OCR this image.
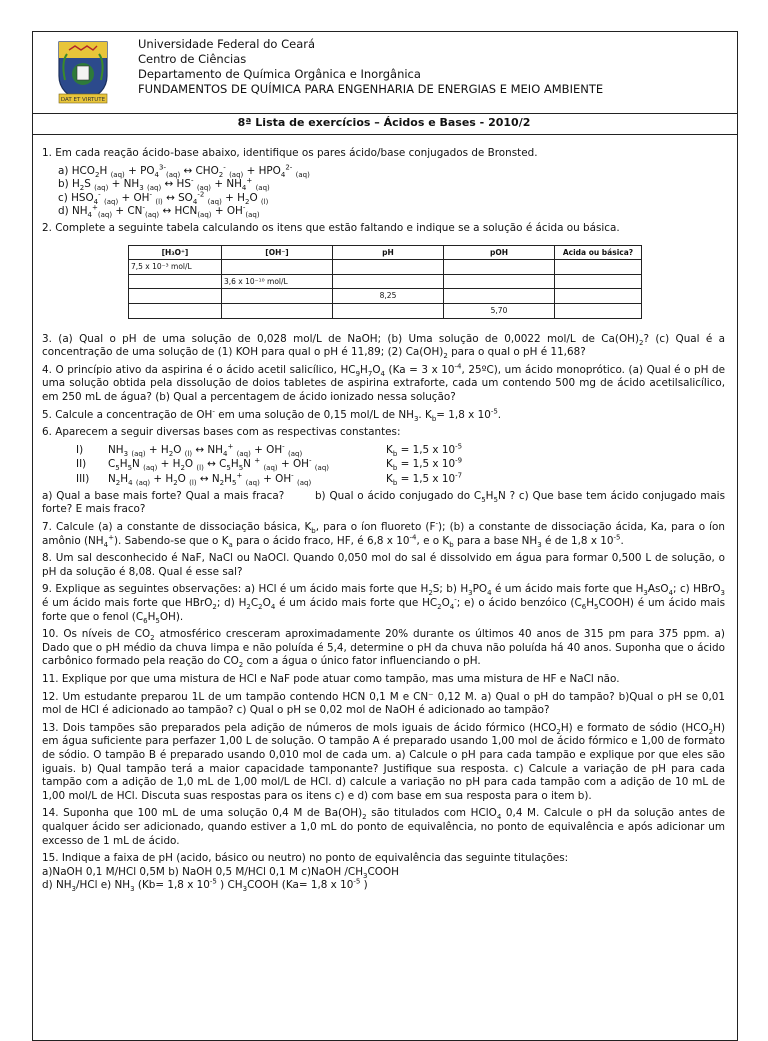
DAT ET VIRTUTE
Universidade Federal do Ceará
Centro de Ciências
Departamento de Química Orgânica e Inorgânica
FUNDAMENTOS DE QUÍMICA PARA ENGENHARIA DE ENERGIAS E MEIO AMBIENTE
8ª Lista de exercícios – Ácidos e Bases - 2010/2

1. Em cada reação ácido-base abaixo, identifique os pares ácido/base conjugados de Bronsted.

a) $HCO_2H$ $_{(aq)} + PO_4^{3-}_{(aq)}$ ↔ $CHO_2^-$ $_{(aq)} + HPO_4^{2-}$ $_{(aq)}$

b) $H_2S$ $_{(aq)} + NH_3$ $_{(aq)}$ ↔ HS- $_{(aq)} + NH_4^+$ $_{(aq)}$

c) $HSO_4^-$ $_{(aq)}$ + OH- $_{(l)}$ ↔ $SO_4^{-2}$ $_{(aq)} + H_2O$ $_{(l)}$

d) $NH_4^+_{(aq)} + CN^-_{(aq)}$ ↔ $HCN_{(aq)} + OH^-_{(aq)}$

2. Complete a seguinte tabela calculando os itens que estão faltando e indique se a solução é ácida ou básica.

[H₃O⁺]	[OH⁻]	pH	pOH	Acida ou básica?
7,5 x 10⁻³ mol/L				
	3,6 x 10⁻¹⁰ mol/L			
		8,25		
			5,70	

3. (a) Qual o pH de uma solução de 0,028 mol/L de NaOH; (b) Uma solução de 0,0022 mol/L de $Ca(OH)_2$? (c) Qual é a concentração de uma solução de (1) KOH para qual o pH é 11,89; (2) $Ca(OH)_2$ para o qual o pH é 11,68?

4. O princípio ativo da aspirina é o ácido acetil salicílico, $HC_9H_7O_4$ (Ka = 3 x $10^{-4}$, 25ºC), um ácido monoprótico. (a) Qual é o pH de uma solução obtida pela dissolução de doios tabletes de aspirina extraforte, cada um contendo 500 mg de ácido acetilsalicílico, em 250 mL de água? (b) Qual a percentagem de ácido ionizado nessa solução?

5. Calcule a concentração de OH- em uma solução de 0,15 mol/L de $NH_3$. $K_b= 1,8$ x $10^{-5}$.

6. Aparecem a seguir diversas bases com as respectivas constantes:

I)	$NH_3$ $_{(aq)} + H_2O$ $_{(l)}$ ↔ $NH_4^+$ $_{(aq)}$ + OH- $_{(aq)}$	$K_b = 1,5$ x $10^{-5}$
II)	$C_5H_5N$ $_{(aq)} + H_2O$ $_{(l)}$ ↔ $C_5H_5N$ + $_{(aq)}$ + OH- $_{(aq)}$	$K_b = 1,5$ x $10^{-9}$
III)	$N_2H_4$ $_{(aq)} + H_2O$ $_{(l)}$ ↔ $N_2H_5^+$ $_{(aq)}$ + OH- $_{(aq)}$	$K_b = 1,5$ x $10^{-7}$

a) Qual a base mais forte? Qual a mais fraca?        b) Qual o ácido conjugado do $C_5H_5N$ ? c) Que base tem ácido conjugado mais forte? E mais fraco?

7. Calcule (a) a constante de dissociação básica, $K_b$, para o íon fluoreto (F-); (b) a constante de dissociação ácida, Ka, para o íon amônio $(NH_4^+)$. Sabendo-se que o $K_a$ para o ácido fraco, HF, é 6,8 x $10^{-4}$, e o $K_b$ para a base $NH_3$ é de 1,8 x $10^{-5}$.

8. Um sal desconhecido é NaF, NaCl ou NaOCl. Quando 0,050 mol do sal é dissolvido em água para formar 0,500 L de solução, o pH da solução é 8,08. Qual é esse sal?

9. Explique as seguintes observações: a) HCl é um ácido mais forte que $H_2S$; b) $H_3PO_4$ é um ácido mais forte que $H_3AsO_4$; c) HBrO$_3$ é um ácido mais forte que HBrO$_2$; d) $H_2C_2O_4$ é um ácido mais forte que $HC_2O_4^-$; e) o ácido benzóico $(C_6H_5COOH)$ é um ácido mais forte que o fenol $(C_6H_5OH)$.

10. Os níveis de $CO_2$ atmosférico cresceram aproximadamente 20% durante os últimos 40 anos de 315 pm para 375 ppm. a) Dado que o pH médio da chuva limpa e não poluída é 5,4, determine o pH da chuva não poluída há 40 anos. Suponha que o ácido carbônico formado pela reação do $CO_2$ com a água o único fator influenciando o pH.

11. Explique por que uma mistura de HCl e NaF pode atuar como tampão, mas uma mistura de HF e NaCl não.

12. Um estudante preparou 1L de um tampão contendo HCN 0,1 M e CN⁻ 0,12 M. a) Qual o pH do tampão? b)Qual o pH se 0,01 mol de HCl é adicionado ao tampão? c) Qual o pH se 0,02 mol de NaOH é adicionado ao tampão?

13. Dois tampões são preparados pela adição de números de mols iguais de ácido fórmico $(HCO_2H)$ e formato de sódio $(HCO_2H)$ em água suficiente para perfazer 1,00 L de solução. O tampão A é preparado usando 1,00 mol de ácido fórmico e 1,00 de formato de sódio. O tampão B é preparado usando 0,010 mol de cada um. a) Calcule o pH para cada tampão e explique por que eles são iguais. b) Qual tampão terá a maior capacidade tamponante? Justifique sua resposta. c) Calcule a variação de pH para cada tampão com a adição de 1,0 mL de 1,00 mol/L de HCl. d) calcule a variação no pH para cada tampão com a adição de 10 mL de 1,00 mol/L de HCl. Discuta suas respostas para os itens c) e d) com base em sua resposta para o item b).

14. Suponha que 100 mL de uma solução 0,4 M de $Ba(OH)_2$ são titulados com HClO$_4$ 0,4 M. Calcule o pH da solução antes de qualquer ácido ser adicionado, quando estiver a 1,0 mL do ponto de equivalência, no ponto de equivalência e após adicionar um excesso de 1 mL de ácido.

15. Indique a faixa de pH (acido, básico ou neutro) no ponto de equivalência das seguinte titulações:

a)NaOH 0,1 M/HCl 0,5M b) NaOH 0,5 M/HCl 0,1 M c)NaOH $/CH_3COOH$

d) $NH_3$/HCl e) $NH_3$ (Kb= 1,8 x $10^{-5}$ ) $CH_3COOH$ (Ka= 1,8 x $10^{-5}$ )
